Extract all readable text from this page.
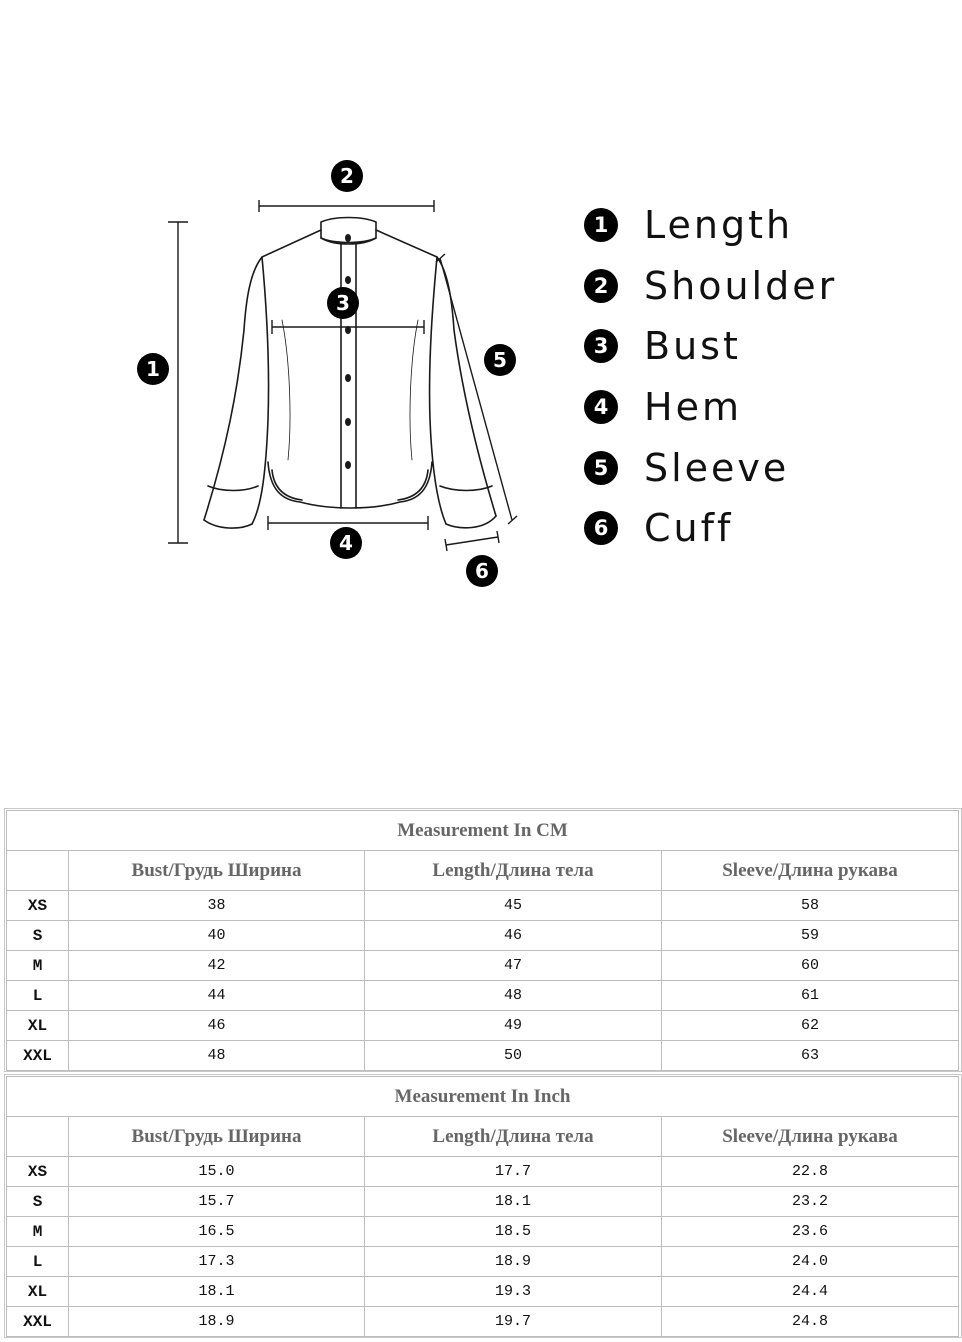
1
2
3
4
5
6
1 Length
2 Shoulder
3 Bust
4 Hem
5 Sleeve
6 Cuff
Measurement In CM			
	Bust/Грудь Ширина	Length/Длина тела	Sleeve/Длина рукава
XS	38	45	58
S	40	46	59
M	42	47	60
L	44	48	61
XL	46	49	62
XXL	48	50	63
Measurement In Inch			
	Bust/Грудь Ширина	Length/Длина тела	Sleeve/Длина рукава
XS	15.0	17.7	22.8
S	15.7	18.1	23.2
M	16.5	18.5	23.6
L	17.3	18.9	24.0
XL	18.1	19.3	24.4
XXL	18.9	19.7	24.8
